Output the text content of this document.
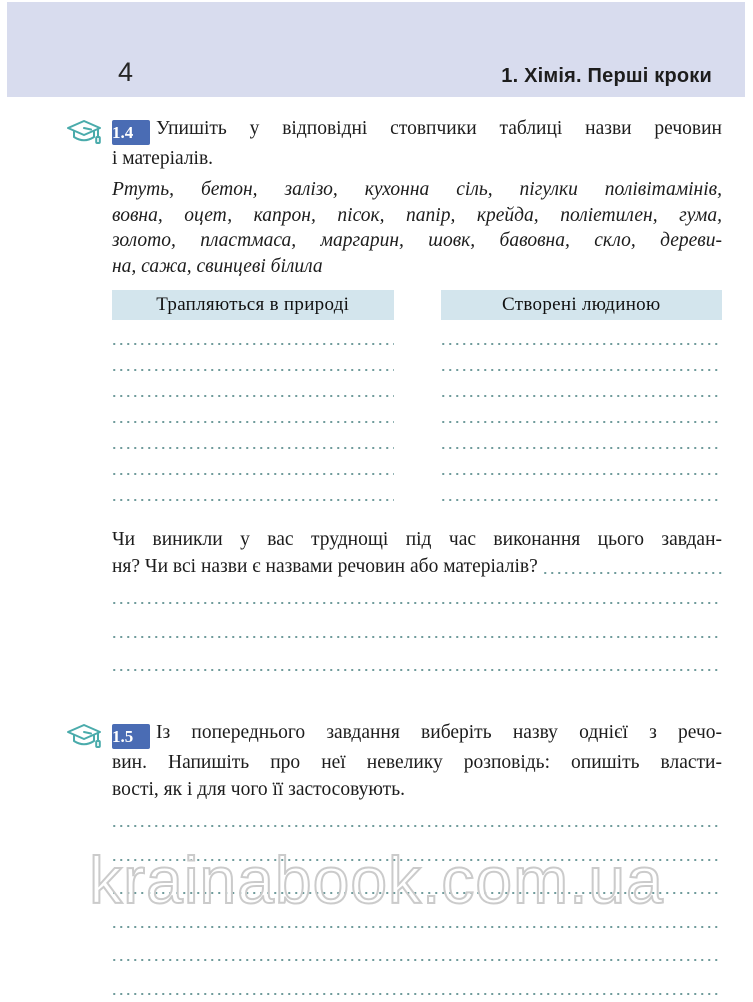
4	1. Хімія. Перші кроки
1.4 Упишіть у відповідні стовпчики таблиці назви речовин
і матеріалів.
Ртуть, бетон, залізо, кухонна сіль, пігулки полівітамінів,
вовна, оцет, капрон, пісок, папір, крейда, поліетилен, гума,
золото, пластмаса, маргарин, шовк, бавовна, скло, дереви-
на, сажа, свинцеві білила
Трапляються в природі	Створені людиною
Чи виникли у вас труднощі під час виконання цього завдан-
ня? Чи всі назви є назвами речовин або матеріалів?
1.5 Із попереднього завдання виберіть назву однієї з речо-
вин. Напишіть про неї невелику розповідь: опишіть власти-
вості, як і для чого її застосовують.
krainabook.com.ua
